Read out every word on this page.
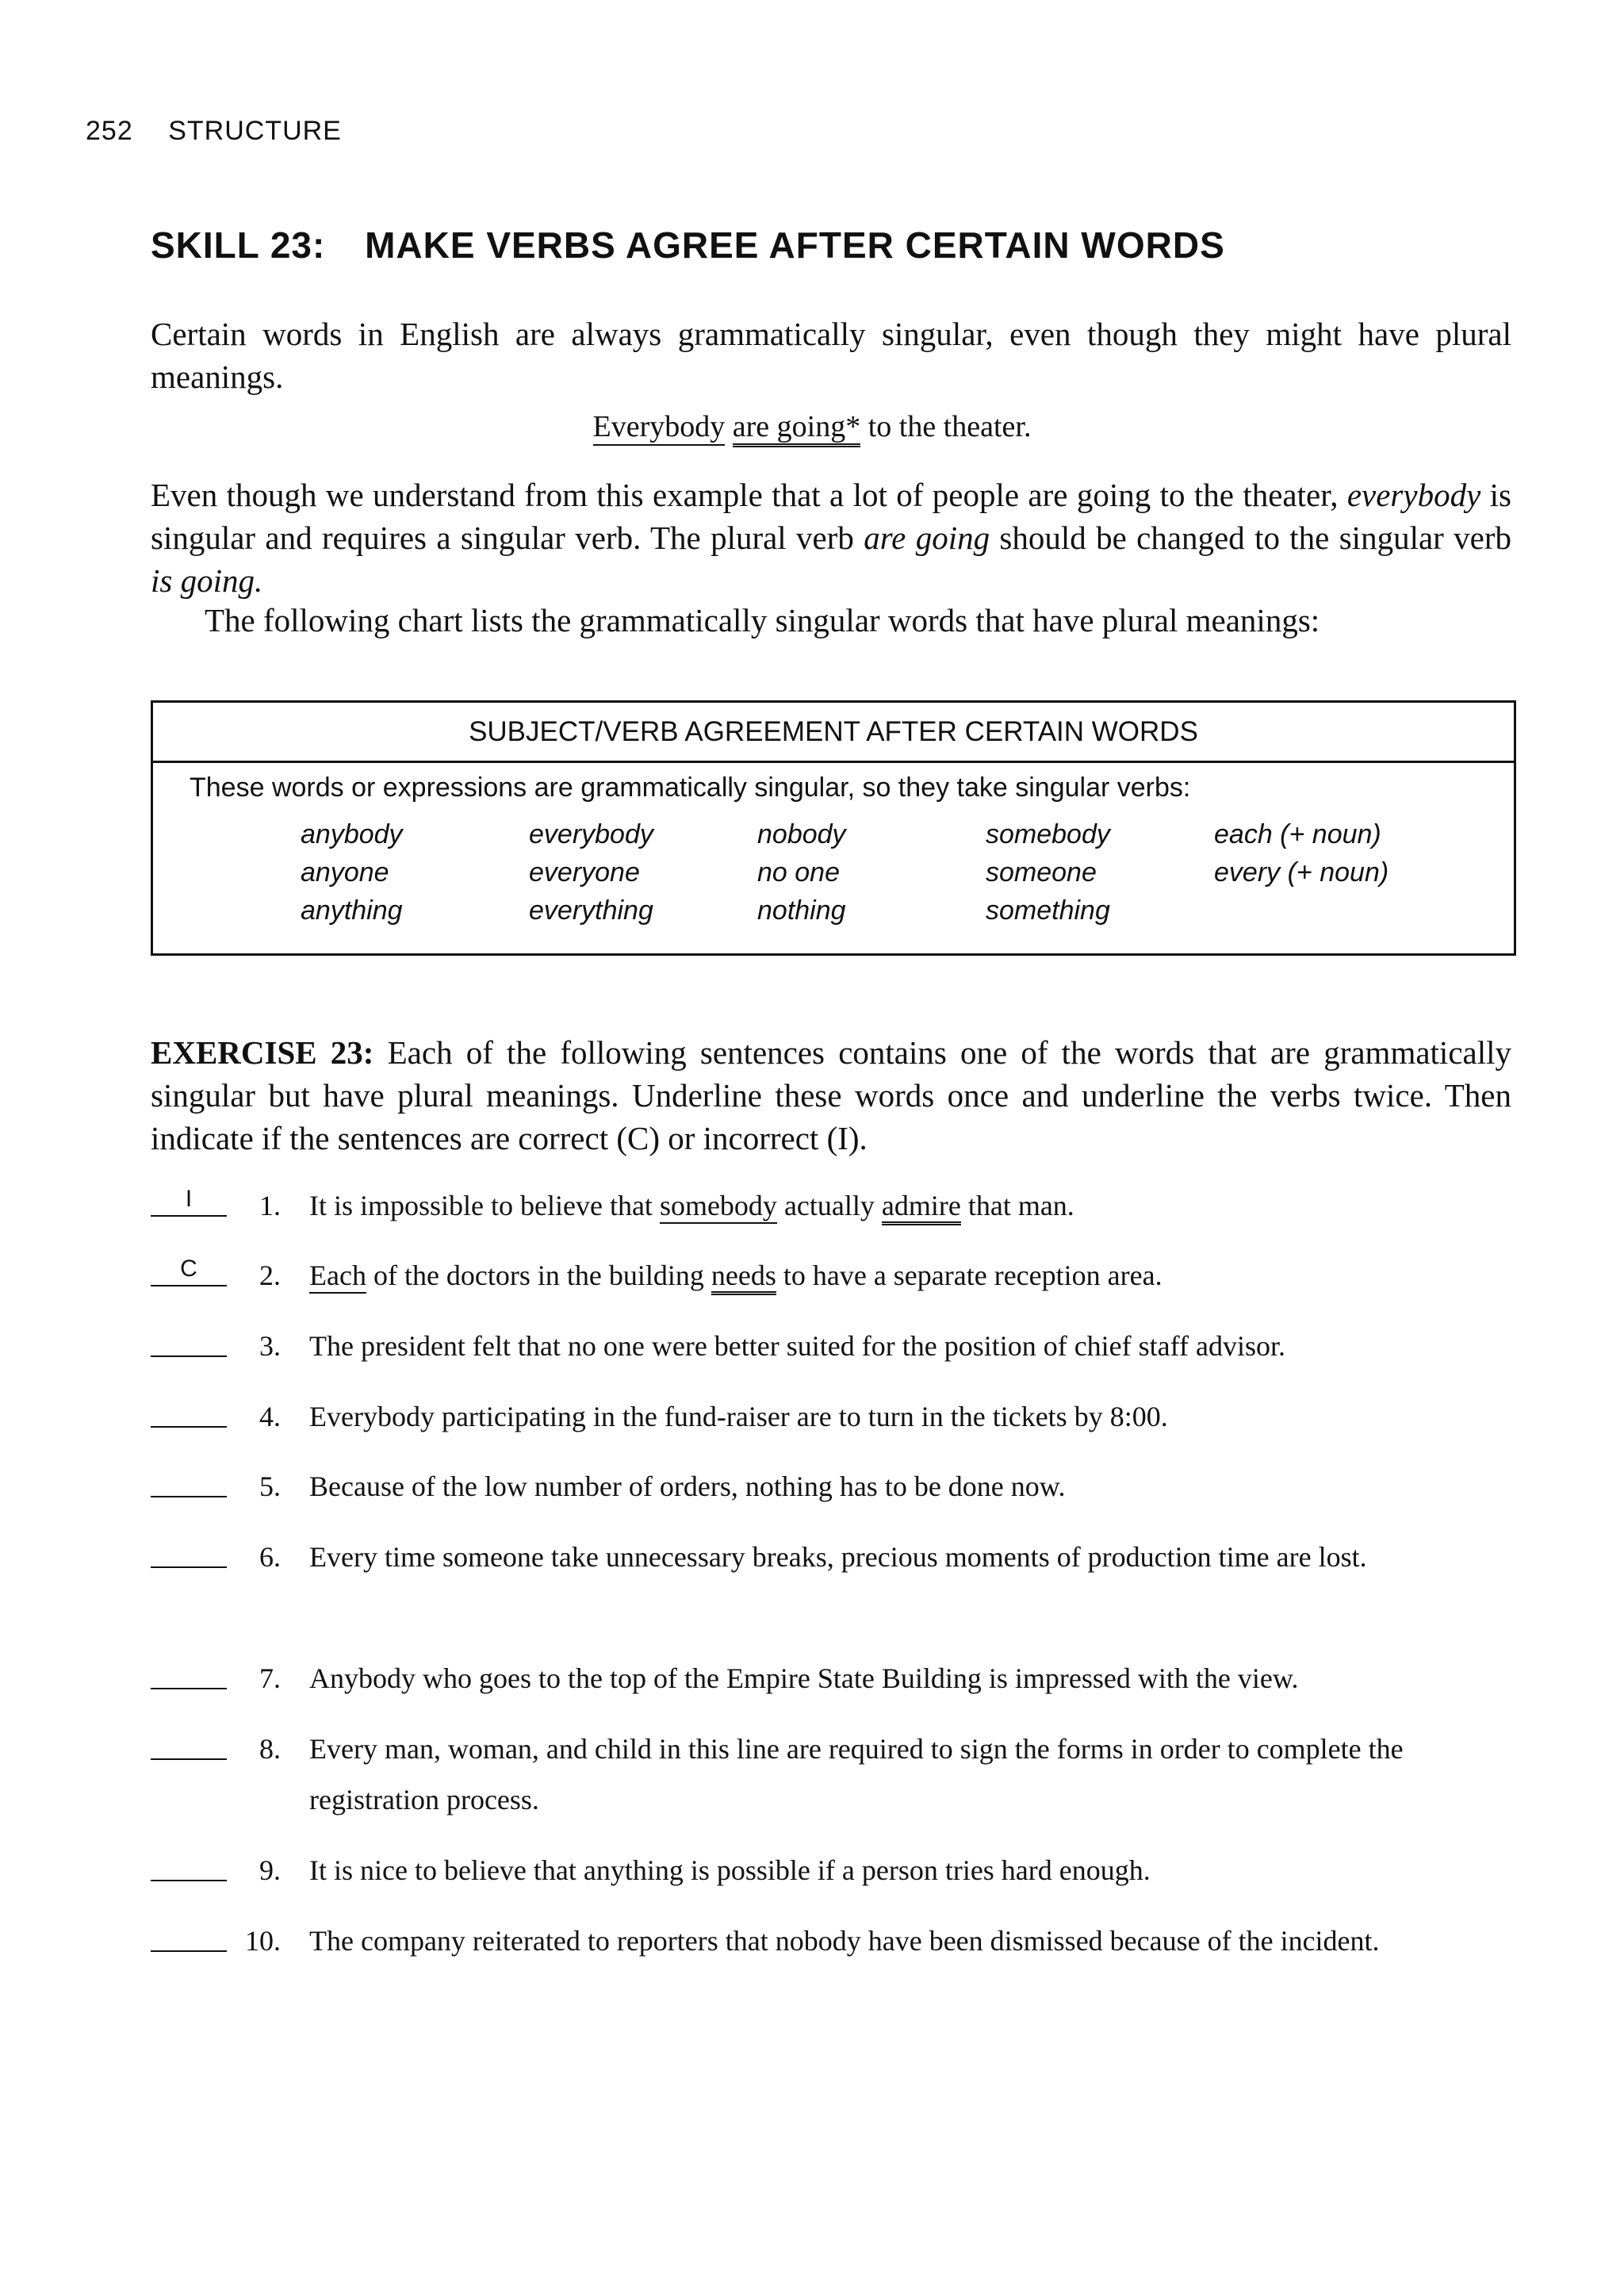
252 STRUCTURE
SKILL 23: MAKE VERBS AGREE AFTER CERTAIN WORDS
Certain words in English are always grammatically singular, even though they might have plural meanings.
Everybody are going* to the theater.
Even though we understand from this example that a lot of people are going to the theater, everybody is singular and requires a singular verb. The plural verb are going should be changed to the singular verb is going.
The following chart lists the grammatically singular words that have plural meanings:
SUBJECT/VERB AGREEMENT AFTER CERTAIN WORDS
These words or expressions are grammatically singular, so they take singular verbs:
anybody
anyone
anything
everybody
everyone
everything
nobody
no one
nothing
somebody
someone
something
each (+ noun)
every (+ noun)
EXERCISE 23: Each of the following sentences contains one of the words that are grammatically singular but have plural meanings. Underline these words once and underline the verbs twice. Then indicate if the sentences are correct (C) or incorrect (I).
I	1. It is impossible to believe that somebody actually admire that man.
C	2. Each of the doctors in the building needs to have a separate reception area.
3. The president felt that no one were better suited for the position of chief staff advisor.
4. Everybody participating in the fund-raiser are to turn in the tickets by 8:00.
5. Because of the low number of orders, nothing has to be done now.
6. Every time someone take unnecessary breaks, precious moments of production time are lost.
7. Anybody who goes to the top of the Empire State Building is impressed with the view.
8. Every man, woman, and child in this line are required to sign the forms in order to complete the registration process.
9. It is nice to believe that anything is possible if a person tries hard enough.
10. The company reiterated to reporters that nobody have been dismissed because of the incident.
